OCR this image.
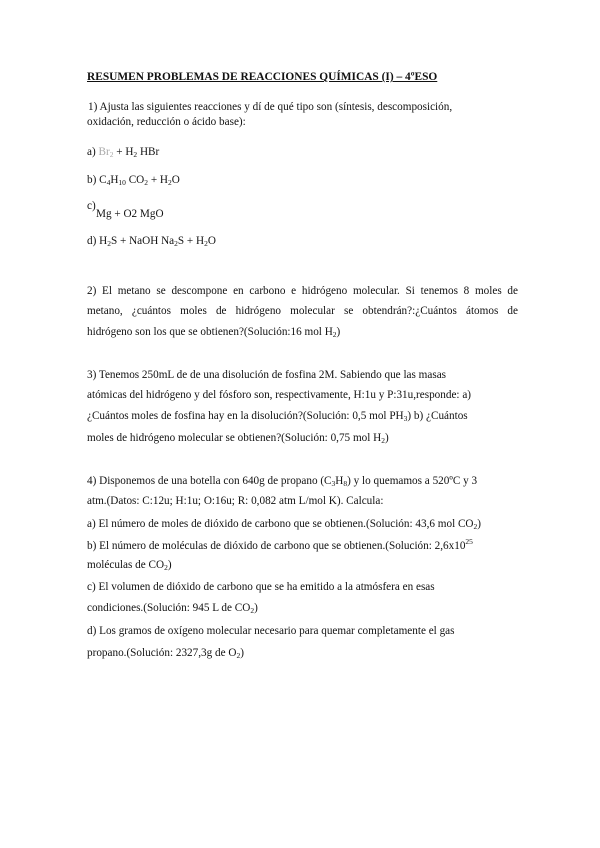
RESUMEN PROBLEMAS DE REACCIONES QUÍMICAS (I) – 4ºESO
1) Ajusta las siguientes reacciones y dí de qué tipo son (síntesis, descomposición,
oxidación, reducción o ácido base):
a) $Br_2 + H_2$ HBr
b) $C_4H_{10}$ $CO_2 + H_2O$
c)
Mg + O2 MgO
d) $H_2S$ + NaOH $Na_2S + H_2O$
2) El metano se descompone en carbono e hidrógeno molecular. Si tenemos 8 moles de
metano, ¿cuántos moles de hidrógeno molecular se obtendrán?:¿Cuántos átomos de
hidrógeno son los que se obtienen?(Solución:16 mol $H_2$)
3) Tenemos 250mL de de una disolución de fosfina 2M. Sabiendo que las masas
atómicas del hidrógeno y del fósforo son, respectivamente, H:1u y P:31u,responde: a)
¿Cuántos moles de fosfina hay en la disolución?(Solución: 0,5 mol $PH_3$) b) ¿Cuántos
moles de hidrógeno molecular se obtienen?(Solución: 0,75 mol $H_2$)
4) Disponemos de una botella con 640g de propano $(C_3H_8)$ y lo quemamos a 520ºC y 3
atm.(Datos: C:12u; H:1u; O:16u; R: 0,082 atm L/mol K). Calcula:
a) El número de moles de dióxido de carbono que se obtienen.(Solución: 43,6 mol $CO_2$)
b) El número de moléculas de dióxido de carbono que se obtienen.(Solución: $2,6x10^{25}$
moléculas de $CO_2$)
c) El volumen de dióxido de carbono que se ha emitido a la atmósfera en esas
condiciones.(Solución: 945 L de $CO_2$)
d) Los gramos de oxígeno molecular necesario para quemar completamente el gas
propano.(Solución: 2327,3g de $O_2$)
